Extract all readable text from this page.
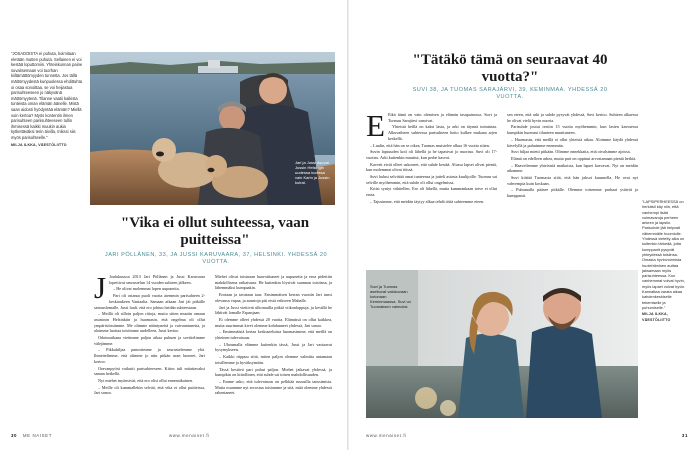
"JOSADOISTA ei puhuta, koimitaan eletään mutten puhuta. Sellainen ei voi kestää loputtomiin. Yhteiskunnan paine suvaitsemaan voi tuorhan kiiltämättömyyden tunnetta. Jos tällä mättömyydestä kunpuolessa ehdittuhta oi osaa sonoittaa, se voi heijastua parisuhteeseen jo näkyvänä mättömyytenä. Tilanne vaatii kaikista tunteista oman elämän äänelle. Mistä saan aidosti hyödyntää elämän? Miellä voin kertoa? Myös kontentin ilmen parisuhteen pariisuhteeseen tullin ihmisessä kaikki muukin aukia kytkettäväksi terin äivilla, mikssi siis myös parisuhteelle."
MILJA ILKKA, VÄESTÖLIITTO
Jari ja Jussi asuvat Jussin Helsingin uudessa kodissa vain Karin ja Jussin koirat.
"Vika ei ollut suhteessa, vaan puitteissa"
JARI PÖLLÄNEN, 33, JA JUSSI KARUVAARA, 37, HELSINKI. YHDESSÄ 20 VUOTTA.
J Joulukuussa 2013 Jari Pöllänen ja Jussi Karuvaara lopettivat seurustelun 14 vuoden suhteen jälkeen.

– He olivat molemmat lopen uupuneita.

Pari oli ostanut puoli vuotta aiemmin parisuhteen 2-keskiaukeen Vantaalta. Samaan aikaan Jari jäi pitkälle sairauslomalle. Jussi luuli, että ero johtuu heidän suhteestaan.

– Meillä oli silloin paljon riitoja, mutta sitten muutin omaan asuntoon Helsinkiin ja huomasin, että ongelma oli ollut ympäristössämme. Me olimme nääntyneitä ja vaivaantuneita, ja aloimme luottaa toisiimme uudelleen, Jussi kertoo.

Odotusaikana vietimme paljon aikaa puhuen ja sovittelimme välejämme.

– Pikkuhiljaa panostimme ja seurustelemme yhä. Ihmettelimme, että olimme jo niin pitkän uran luoneet, Jari kertoo.

Oravanpyörä vaikutti parisuhteeseen. Kiitos tuli mitattavaksi saman hetkellä.

Nyt miehet myönsivät, että ero olisi ollut ennenaikainen.

– Meille oli kummallekin selvää, että vika ei ollut puitteissa, Jari sanoo.

Miehet olivat toisinaan haavoittuneet ja uupuneita ja eroa pidettiin mahdollisena ratkaisuna. He kuitenkin löysivät suunnan toisiinsa, ja lähemmäksi kumpaakin.

Erotaan ja tavataan taas. Ensimmäisen kerran vuosiin Jari tunsi olevansa vapaa, ja asuntoja piti etsiä erikseen Mahalle.

Jari ja Jussi viettivät ulkomailla pitkiä viikonloppuja, ja kesällä he lähtivät lomalle Espanjaan.

Ei olemme olleet yhdessä 20 vuotta. Elämässä on ollut kaikkea, mutta suurimmat kivet olemme kohdanneet yhdessä, Jari sanoo.

– Ensimmäistä kertaa keskusteluista huomasimme, että meillä on yhteinen tulevaisuus.

– Uhoumalla elämme kuitenkin tässä, Jussi ja Jari vastaavat kysymykseen.

– Kaikki riippuu siitä, miten paljon olemme valmiita antamaan toisillemme ja hyväksymään.

Tässä kestävä pari puhui paljon. Miehet jatkavat yhdessä, ja kumpikin on kiitollinen, että suhde sai toisen mahdollisuuden.

– Emme usko, että tulevaisuus on pelkkää ruusuilla tanssimista. Mutta osaamme nyt arvostaa toisiamme ja sitä, mitä olemme yhdessä rakentaneet.

30 ME NAISET	www.menaiset.fi
"Tätäkö tämä on seuraavat 40 vuotta?"
SUVI 38, JA TUOMAS SARAJÄRVI, 39, KEMINMAA. YHDESSÄ 20 VUOTTA.
E Eikä tämä on vain olemisen ja elämän tasapainossa, Suvi ja Tuomas Sarajärvi sanoivat.

Yhteistä heillä on kaksi lasta, ja arki on täynnä toimintaa. Alkuvaiheen suhteessa parisuhteen hoito kulkee mukana arjen keskellä.

– Luulin, että hän on se oikea, Tuomas muistelee alkua 16 vuotta sitten.

Suvin lapsuuden koti oli lähellä ja he tapasivat jo nuorina. Suvi oli 17-vuotias. Arki kuitenkin muuttui, kun perhe kasvoi.

Kaverit eivät olleet uskoneet, että suhde kestää. Alussa lapset olivat pieniä, kun molemmat olivat töissä.

Suvi halusi selvittää omat tunteensa ja jutteli asiasta kuulijoille. Tuomas sai selville myöhemmin, että suhde oli ollut ongelmissa.

Kriisi syntyi vähitellen. Ero oli lähellä, mutta kummankaan toive ei ollut erota.

– Tajusimme, että meidän täytyy alkaa tehdä töitä suhteemme eteen.

sen eteen, että arki ja suhde pysyvät yhdessä, Suvi kertoo. Suhteen alkaessa he olivat vielä hyvin nuoria.

Parisuhde joutui testiin 15 vuotta myöhemmin, kun lasten kasvaessa kumpikin huomasi tilanteen muuttuneen.

– Huomasin, että meillä ei ollut yhteistä aikaa. Aloimme käydä yhdessä kävelyllä ja puhuimme enemmän.

Suvi hiljaa mietti pitkään. Olimme onnekkaita, että oivalsimme ajoissa.

Elämä on edelleen arkea, mutta pari on oppinut arvostamaan pieniä hetkiä.

– Haaveilemme yhteisistä matkoista, kun lapset kasvavat. Nyt on meidän aikamme.

Suvi kiittää Tuomasta siitä, että hän jaksoi kuunnella. He ovat nyt vahvempia kuin koskaan.

– Puhumalla pääsee pitkälle. Olemme toisemme parhaat ystävät ja kumppanit.

Suvi ja Tuomas asettuvat valokuvaan kotonaan Keminmaassa. Suvi on Tuomaksen vaimoksi.
"LAPSIPERHEESSÄ on herkästi käy niin, että vanhempi lisää voimavaroja perheen arkeen ja lapsiin. Parisuhde jää helposti vähemmälle huomiolle. Yhdessä vietetty aika on kuitenkin tärkeää, jotta kumppanit pysyvät yhteydessä toisiinsa. Omasta hyvinvoinnista huolehtiminen auttaa jaksamaan myös parisuhteessa. Kun vanhemmat voivat hyvin, myös lapset voivat hyvin. Kannattaa varata aikaa kahdenkeskiselle tekemiselle ja puhumiselle."
MILJA ILKKA, VÄESTÖLIITTO
www.menaiset.fi	31
